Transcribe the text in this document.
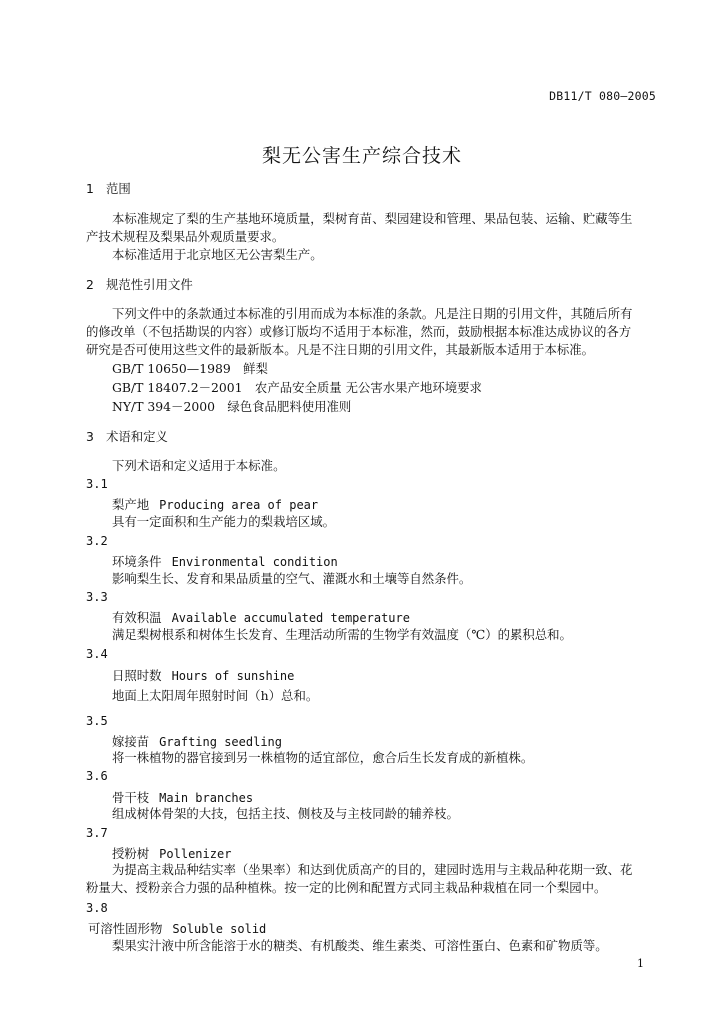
DB11/T 080—2005
梨无公害生产综合技术
1 范围
本标准规定了梨的生产基地环境质量，梨树育苗、梨园建设和管理、果品包装、运输、贮藏等生
产技术规程及梨果品外观质量要求。
本标准适用于北京地区无公害梨生产。
2 规范性引用文件
下列文件中的条款通过本标准的引用而成为本标准的条款。凡是注日期的引用文件，其随后所有
的修改单（不包括勘误的内容）或修订版均不适用于本标准，然而，鼓励根据本标准达成协议的各方
研究是否可使用这些文件的最新版本。凡是不注日期的引用文件，其最新版本适用于本标准。
GB/T 10650—1989　鲜梨
GB/T 18407.2－2001　农产品安全质量 无公害水果产地环境要求
NY/T 394－2000　绿色食品肥料使用准则
3 术语和定义
下列术语和定义适用于本标准。
3.1
梨产地 Producing area of pear
具有一定面积和生产能力的梨栽培区域。
3.2
环境条件 Environmental condition
影响梨生长、发育和果品质量的空气、灌溉水和土壤等自然条件。
3.3
有效积温 Available accumulated temperature
满足梨树根系和树体生长发育、生理活动所需的生物学有效温度（℃）的累积总和。
3.4
日照时数 Hours of sunshine
地面上太阳周年照射时间（h）总和。
3.5
嫁接苗 Grafting seedling
将一株植物的器官接到另一株植物的适宜部位，愈合后生长发育成的新植株。
3.6
骨干枝 Main branches
组成树体骨架的大技，包括主技、侧枝及与主枝同龄的辅养枝。
3.7
授粉树 Pollenizer
为提高主栽品种结实率（坐果率）和达到优质高产的目的，建园时选用与主栽品种花期一致、花
粉量大、授粉亲合力强的品种植株。按一定的比例和配置方式同主栽品种栽植在同一个梨园中。
3.8
可溶性固形物 Soluble solid
梨果实汁液中所含能溶于水的糖类、有机酸类、维生素类、可溶性蛋白、色素和矿物质等。
1
